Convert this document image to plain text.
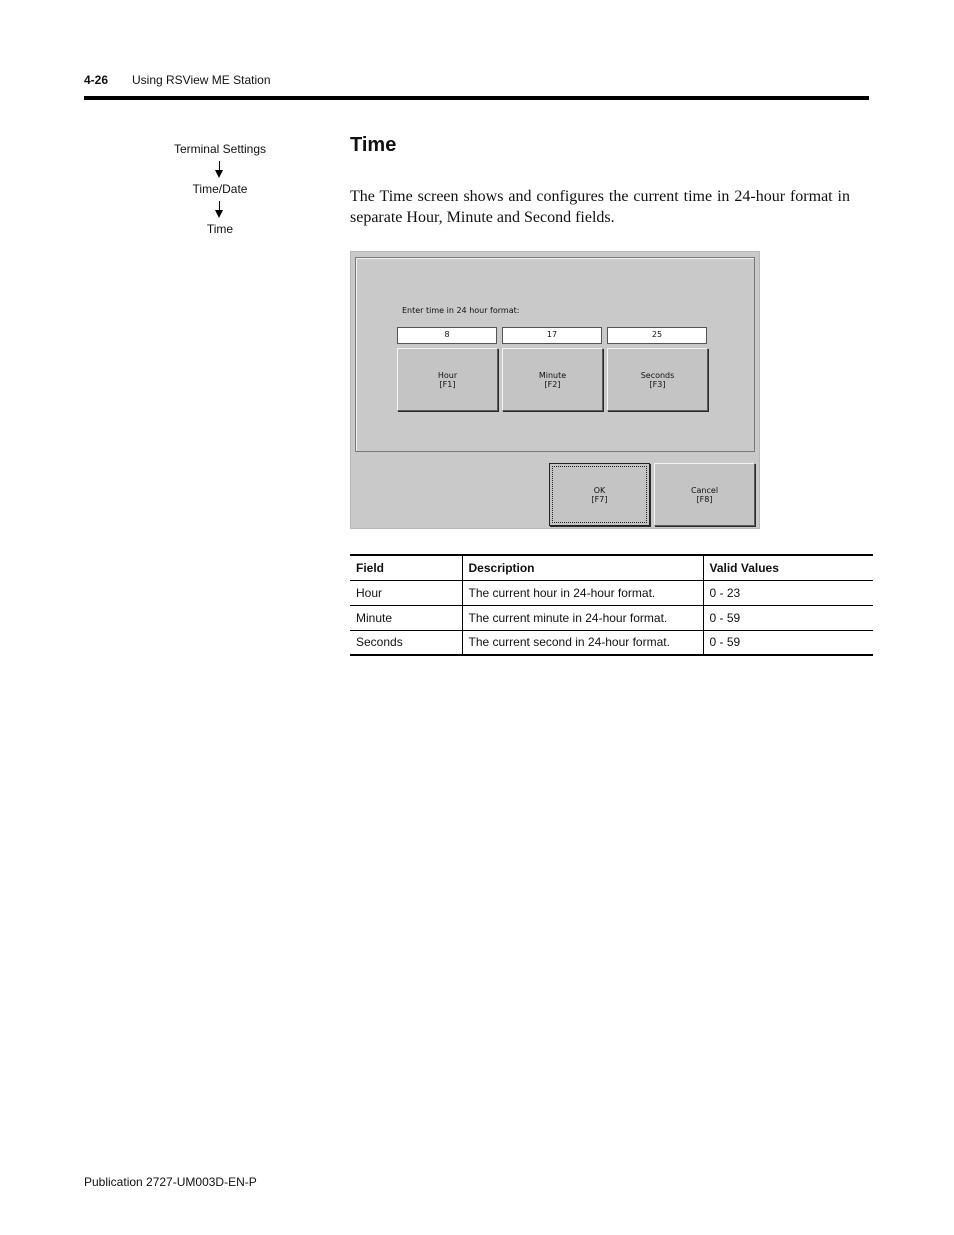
4-26 Using RSView ME Station
Terminal Settings
Time/Date
Time
Time

The Time screen shows and configures the current time in 24-hour format in separate Hour, Minute and Second fields.

Enter time in 24 hour format:
8	17	25
Hour
[F1]
Minute
[F2]
Seconds
[F3]
OK
[F7]
Cancel
[F8]
Field	Description	Valid Values
Hour	The current hour in 24-hour format.	0 - 23
Minute	The current minute in 24-hour format.	0 - 59
Seconds	The current second in 24-hour format.	0 - 59
Publication 2727-UM003D-EN-P
